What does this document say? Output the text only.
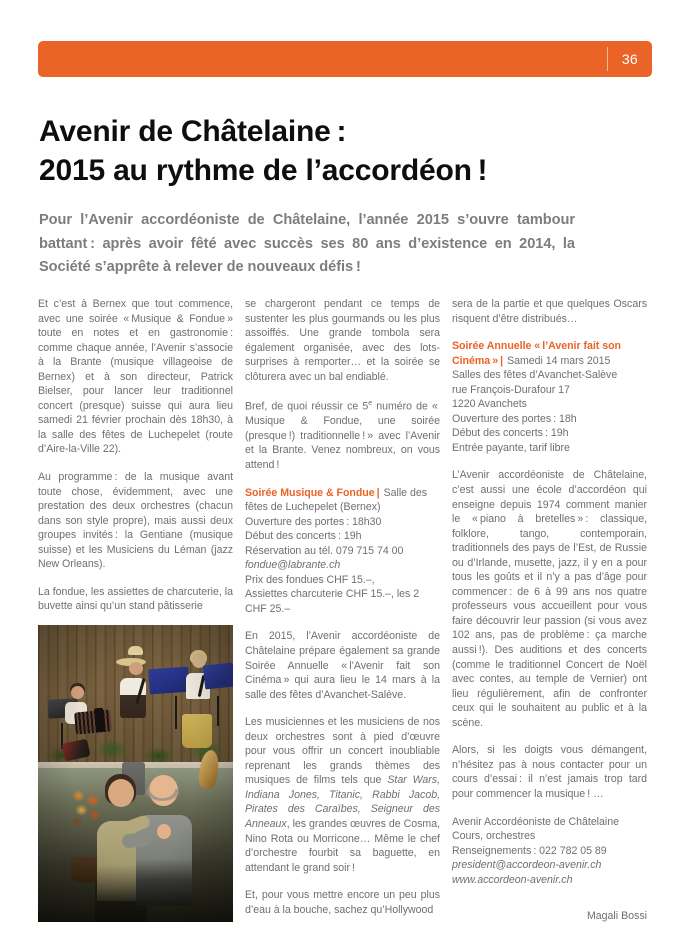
36
Avenir de Châtelaine :
2015 au rythme de l’accordéon !
Pour l’Avenir accordéoniste de Châtelaine, l’année 2015 s’ouvre tambour battant : après avoir fêté avec succès ses 80 ans d’existence en 2014, la Société s’apprête à relever de nouveaux défis !

Et c’est à Bernex que tout commence, avec une soirée « Musique & Fondue » toute en notes et en gastronomie : comme chaque année, l’Avenir s’associe à la Brante (musique villageoise de Bernex) et à son directeur, Patrick Bielser, pour lancer leur traditionnel concert (presque) suisse qui aura lieu samedi 21 février prochain dès 18h30, à la salle des fêtes de Luchepelet (route d’Aire-la-Ville 22).

Au programme : de la musique avant toute chose, évidemment, avec une prestation des deux orchestres (chacun dans son style propre), mais aussi deux groupes invités : la Gentiane (musique suisse) et les Musiciens du Léman (jazz New Orleans).

La fondue, les assiettes de charcuterie, la buvette ainsi qu’un stand pâtisserie

se chargeront pendant ce temps de sustenter les plus gourmands ou les plus assoiffés. Une grande tombola sera également organisée, avec des lots-surprises à remporter… et la soirée se clôturera avec un bal endiablé.

Bref, de quoi réussir ce 5e numéro de « Musique & Fondue, une soirée (presque !) traditionnelle ! » avec l’Avenir et la Brante. Venez nombreux, on vous attend !

Soirée Musique & Fondue | Salle des fêtes de Luchepelet (Bernex)
Ouverture des portes : 18h30
Début des concerts : 19h
Réservation au tél. 079 715 74 00
fondue@labrante.ch
Prix des fondues CHF 15.–,
Assiettes charcuterie CHF 15.–, les 2 CHF 25.–

En 2015, l’Avenir accordéoniste de Châtelaine prépare également sa grande Soirée Annuelle « l’Avenir fait son Cinéma » qui aura lieu le 14 mars à la salle des fêtes d’Avanchet-Salève.

Les musiciennes et les musiciens de nos deux orchestres sont à pied d’œuvre pour vous offrir un concert inoubliable reprenant les grands thèmes des musiques de films tels que Star Wars, Indiana Jones, Titanic, Rabbi Jacob, Pirates des Caraïbes, Seigneur des Anneaux, les grandes œuvres de Cosma, Nino Rota ou Morricone… Même le chef d’orchestre fourbit sa baguette, en attendant le grand soir !

Et, pour vous mettre encore un peu plus d’eau à la bouche, sachez qu’Hollywood

sera de la partie et que quelques Oscars risquent d’être distribués…

Soirée Annuelle « l’Avenir fait son Cinéma » | Samedi 14 mars 2015
Salles des fêtes d’Avanchet-Salève
rue François-Durafour 17
1220 Avanchets
Ouverture des portes : 18h
Début des concerts : 19h
Entrée payante, tarif libre

L’Avenir accordéoniste de Châtelaine, c’est aussi une école d’accordéon qui enseigne depuis 1974 comment manier le « piano à bretelles » : classique, folklore, tango, contemporain, traditionnels des pays de l’Est, de Russie ou d’Irlande, musette, jazz, il y en a pour tous les goûts et il n’y a pas d’âge pour commencer : de 6 à 99 ans nos quatre professeurs vous accueillent pour vous faire découvrir leur passion (si vous avez 102 ans, pas de problème : ça marche aussi !). Des auditions et des concerts (comme le traditionnel Concert de Noël avec contes, au temple de Vernier) ont lieu régulièrement, afin de confronter ceux qui le souhaitent au public et à la scène.

Alors, si les doigts vous démangent, n’hésitez pas à nous contacter pour un cours d’essai : il n’est jamais trop tard pour commencer la musique ! …

Avenir Accordéoniste de Châtelaine
Cours, orchestres
Renseignements : 022 782 05 89
president@accordeon-avenir.ch
www.accordeon-avenir.ch
Magali Bossi
